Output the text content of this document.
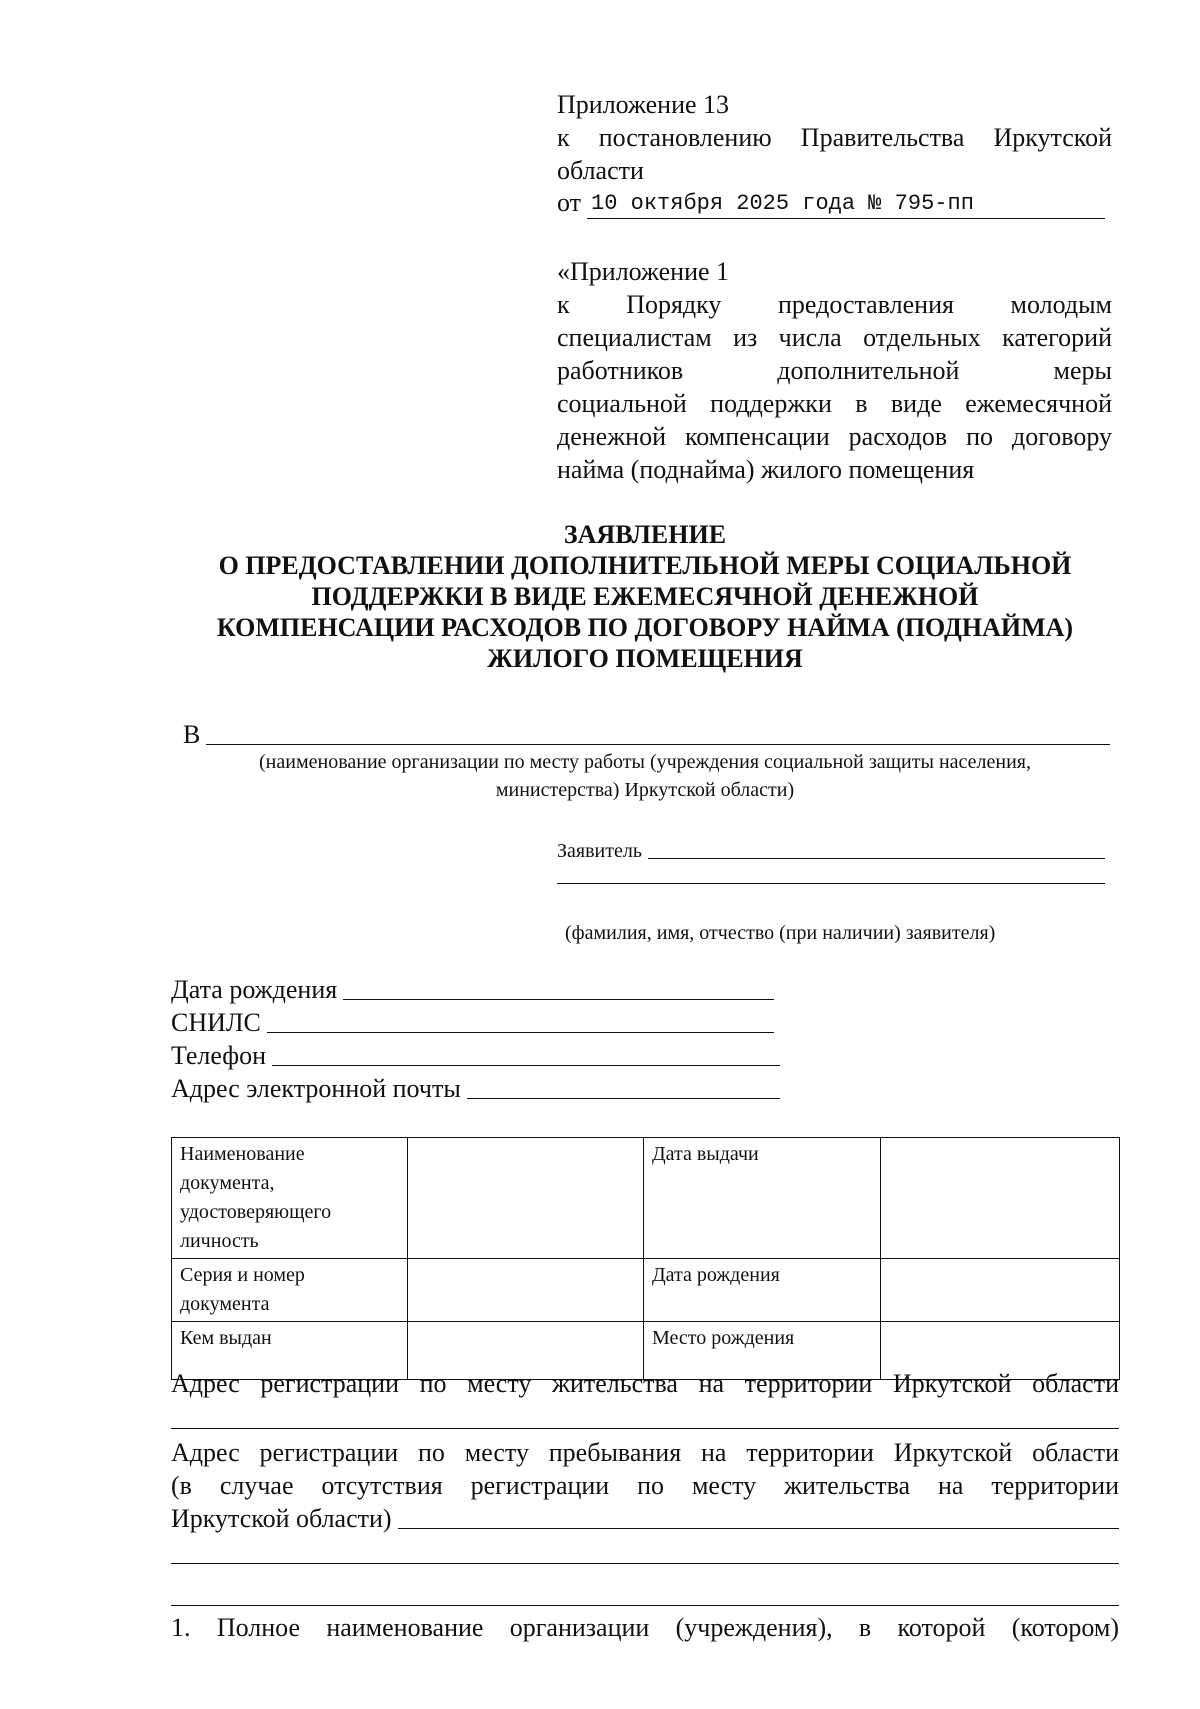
Приложение 13
к постановлению Правительства Иркутской
области
от 10 октября 2025 года № 795-пп
«Приложение 1
к Порядку предоставления молодым
специалистам из числа отдельных категорий
работников дополнительной меры
социальной поддержки в виде ежемесячной
денежной компенсации расходов по договору
найма (поднайма) жилого помещения
ЗАЯВЛЕНИЕ
О ПРЕДОСТАВЛЕНИИ ДОПОЛНИТЕЛЬНОЙ МЕРЫ СОЦИАЛЬНОЙ
ПОДДЕРЖКИ В ВИДЕ ЕЖЕМЕСЯЧНОЙ ДЕНЕЖНОЙ
КОМПЕНСАЦИИ РАСХОДОВ ПО ДОГОВОРУ НАЙМА (ПОДНАЙМА)
ЖИЛОГО ПОМЕЩЕНИЯ
В
(наименование организации по месту работы (учреждения социальной защиты населения,
министерства) Иркутской области)
Заявитель
(фамилия, имя, отчество (при наличии) заявителя)
Дата рождения
СНИЛС
Телефон
Адрес электронной почты
Наименование документа, удостоверяющего личность		Дата выдачи	
Серия и номер документа		Дата рождения	
Кем выдан		Место рождения	
Адрес регистрации по месту жительства на территории Иркутской области
Адрес регистрации по месту пребывания на территории Иркутской области
(в случае отсутствия регистрации по месту жительства на территории
Иркутской области)
1. Полное наименование организации (учреждения), в которой (котором)
